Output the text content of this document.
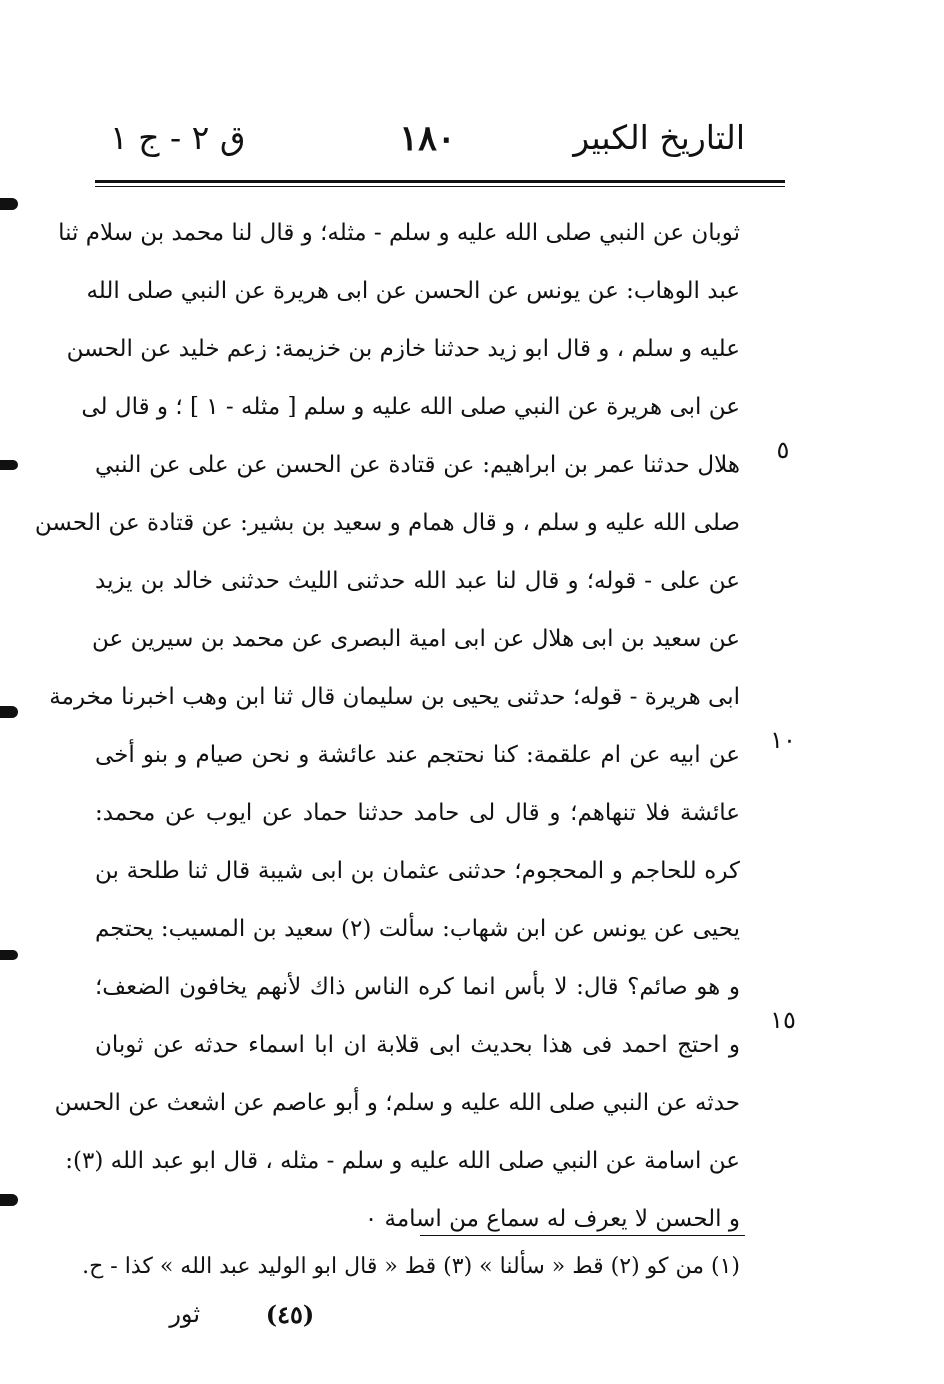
التاريخ الكبير
١٨٠
ق ٢ - ج ١
٥
١٠
١٥
ثوبان عن النبي صلى الله عليه و سلم - مثله؛ و قال لنا محمد بن سلام ثنا
عبد الوهاب: عن يونس عن الحسن عن ابى هريرة عن النبي صلى الله
عليه و سلم ، و قال ابو زيد حدثنا خازم بن خزيمة: زعم خليد عن الحسن
عن ابى هريرة عن النبي صلى الله عليه و سلم [ مثله - ١ ] ؛ و قال لى
هلال حدثنا عمر بن ابراهيم: عن قتادة عن الحسن عن على عن النبي
صلى الله عليه و سلم ، و قال همام و سعيد بن بشير: عن قتادة عن الحسن
عن على - قوله؛ و قال لنا عبد الله حدثنى الليث حدثنى خالد بن يزيد
عن سعيد بن ابى هلال عن ابى امية البصرى عن محمد بن سيرين عن
ابى هريرة - قوله؛ حدثنى يحيى بن سليمان قال ثنا ابن وهب اخبرنا مخرمة
عن ابيه عن ام علقمة: كنا نحتجم عند عائشة و نحن صيام و بنو أخى
عائشة فلا تنهاهم؛ و قال لى حامد حدثنا حماد عن ايوب عن محمد:
كره للحاجم و المحجوم؛ حدثنى عثمان بن ابى شيبة قال ثنا طلحة بن
يحيى عن يونس عن ابن شهاب: سألت (٢) سعيد بن المسيب: يحتجم
و هو صائم؟ قال: لا بأس انما كره الناس ذاك لأنهم يخافون الضعف؛
و احتج احمد فى هذا بحديث ابى قلابة ان ابا اسماء حدثه عن ثوبان
حدثه عن النبي صلى الله عليه و سلم؛ و أبو عاصم عن اشعث عن الحسن
عن اسامة عن النبي صلى الله عليه و سلم - مثله ، قال ابو عبد الله (٣):
و الحسن لا يعرف له سماع من اسامة ٠
(١) من كو (٢) قط « سألنا » (٣) قط « قال ابو الوليد عبد الله » كذا - ح.
(٤٥)
ثور
